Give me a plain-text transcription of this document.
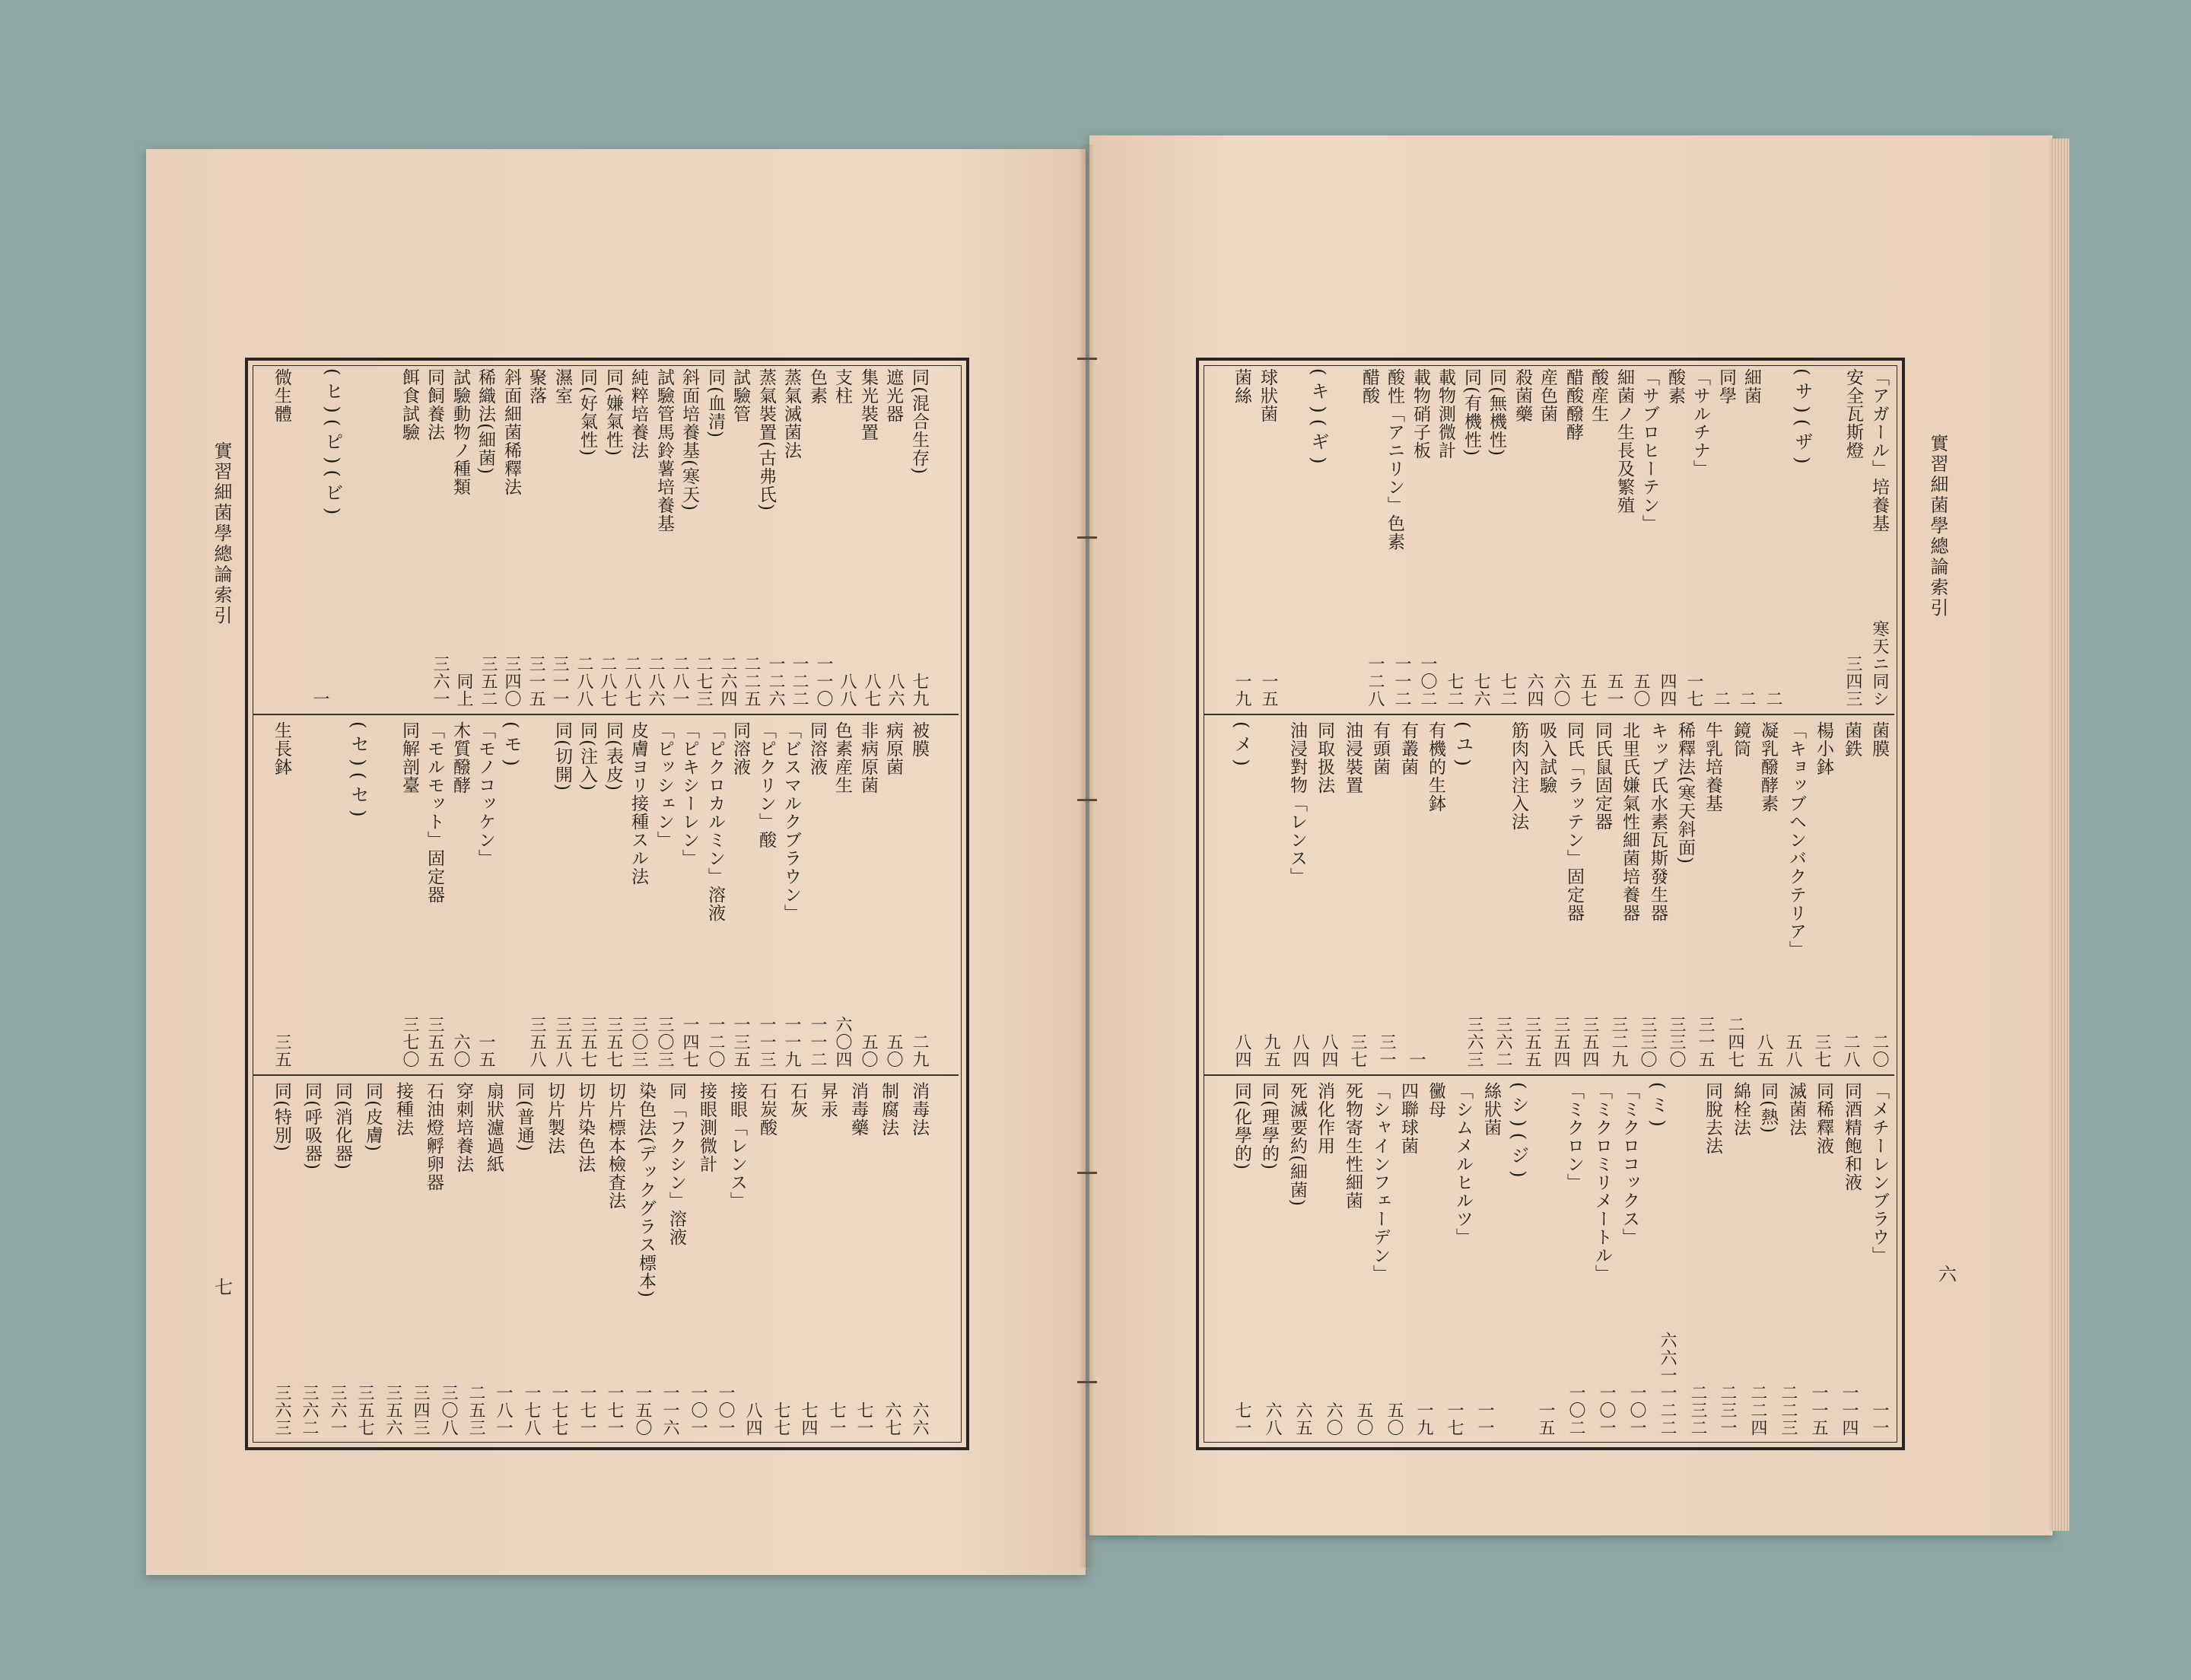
實習細菌學總論索引
七
同(混合生存)
遮光器
集光裝置
支柱
色素
蒸氣滅菌法
蒸氣裝置(古弗氏)
試驗管
同(血清)
斜面培養基(寒天)
試驗管馬鈴薯培養基
純粹培養法
同(嫌氣性)
同(好氣性)
濕室
聚落
斜面細菌稀釋法
稀織法(細菌)
試驗動物ノ種類
同飼養法
餌食試驗
(ヒ)(ピ)(ビ)
微生體
七九
八六
八七
八八
一一〇
一二二
一二六
二二五
二六四
二七三
二八一
二八六
二八七
二八七
二八八
三一一
三一五
三四〇
三五二
同上
三六一
一
被膜
病原菌
非病原菌
色素産生
同溶液
「ビスマルクブラウン」
「ピクリン」酸
同溶液
「ピクロカルミン」溶液
「ピキシーレン」
「ピッシェン」
皮膚ヨリ接種スル法
同(表皮)
同(注入)
同(切開)
(モ)
「モノコッケン」
木質醱酵
「モルモット」固定器
同解剖臺
(セ)(セ)
生長鉢
二九
五〇
五〇
六〇四
一一二
一一九
一一三
一三五
一二〇
一四七
三〇三
三〇三
三五七
三五七
三五八
三五八
一五
六〇
三五五
三七〇
三五
消毒法
制腐法
消毒藥
昇汞
石灰
石炭酸
接眼「レンス」
接眼測微計
同「フクシン」溶液
染色法(デックグラス標本)
切片標本檢査法
切片染色法
切片製法
同(普通)
扇狀濾過紙
穿刺培養法
石油燈孵卵器
接種法
同(皮膚)
同(消化器)
同(呼吸器)
同(特別)
六六
六七
七一
七一
七四
七七
八四
一〇一
一〇一
一一六
一五〇
一七一
一七一
一七七
一七八
一八一
二五三
三〇八
三四三
三五六
三五七
三六一
三六二
三六三
實習細菌學總論索引
六
「アガール」培養基
安全瓦斯燈
(サ)(ザ)
細菌
同學
「サルチナ」
酸素
「サブロヒーテン」
細菌ノ生長及繁殖
酸産生
醋酸醱酵
産色菌
殺菌藥
同(無機性)
同(有機性)
載物測微計
載物硝子板
酸性「アニリン」色素
醋酸
(キ)(ギ)
球狀菌
菌絲
寒天ニ同シ
三四三
二
二
二
一七
四四
五〇
五一
五七
六〇
六四
七二
七六
七二
一〇二
一一二
一二八
一五
一九
菌膜
菌鉄
楊小鉢
「キョッブヘンバクテリア」
凝乳醱酵素
鏡筒
牛乳培養基
稀釋法(寒天斜面)
キップ氏水素瓦斯發生器
北里氏嫌氣性細菌培養器
同氏鼠固定器
同氏「ラッテン」固定器
吸入試驗
筋肉內注入法
(ユ)
有機的生鉢
有叢菌
有頭菌
油浸裝置
同取扱法
油浸對物「レンス」
(メ)
二〇
二八
三七
五八
八五
二四七
三一五
三三〇
三三〇
三二九
三五四
三五四
三五五
三六二
三六三
一
三一
三七
八四
八四
九五
八四
「メチーレンブラウ」
同酒精飽和液
同稀釋液
滅菌法
同(熱)
綿栓法
同脫去法
(ミ)
「ミクロコックス」
「ミクロミリメートル」
「ミクロン」
(シ)(ジ)
絲狀菌
「シムメルヒルツ」
黴母
四聯球菌
「シャインフェーデン」
死物寄生性細菌
消化作用
死滅要約(細菌)
同(理學的)
同(化學的)
一一
一一四
一一五
二二三
二二四
二三一
二三二
六六一一二二
一〇一
一〇一
一〇二
一五
一一
一七
一九
五〇
五〇
六〇
六五
六八
七一
